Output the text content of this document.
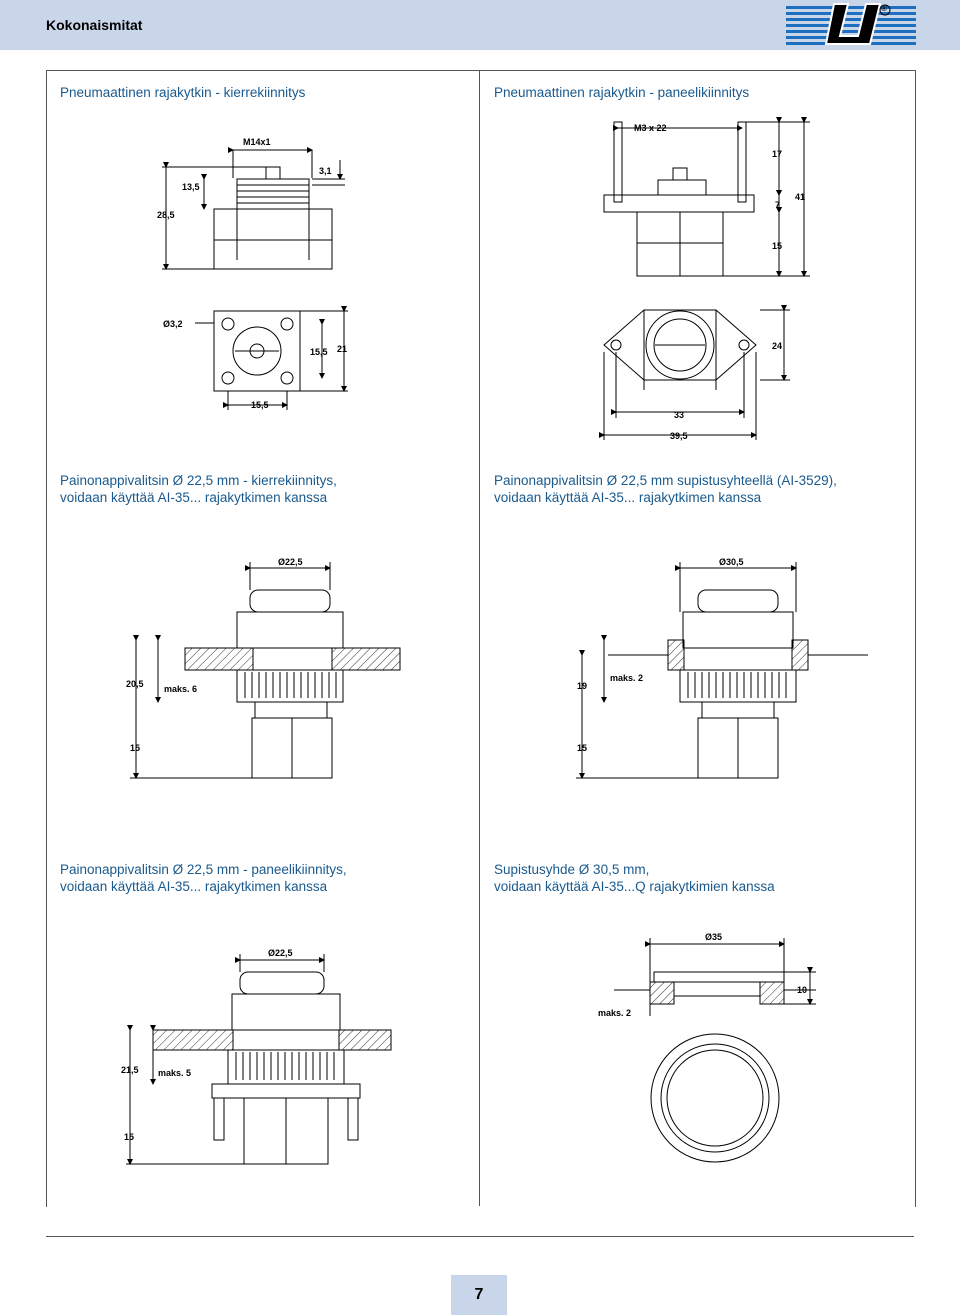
Kokonaismitat
®
Pneumaattinen rajakytkin - kierrekiinnitys	Pneumaattinen rajakytkin - paneelikiinnitys
Painonappivalitsin Ø 22,5 mm - kierrekiinnitys,
voidaan käyttää AI-35... rajakytkimen kanssa
Painonappivalitsin Ø 22,5 mm supistusyhteellä (AI-3529),
voidaan käyttää AI-35... rajakytkimen kanssa
Painonappivalitsin Ø 22,5 mm - paneelikiinnitys,
voidaan käyttää AI-35... rajakytkimen kanssa
Supistusyhde Ø 30,5 mm,
voidaan käyttää AI-35...Q rajakytkimien kanssa
M14x1
13,5
28,5
3,1
Ø3,2
15,5 21
15,5
M3 x 22
17
7
41
15
24
33
39,5
Ø22,5
20,5 maks. 6
15
Ø30,5
19
maks. 2
15
Ø22,5
21,5 maks. 5
15
Ø35
10
maks. 2
7
